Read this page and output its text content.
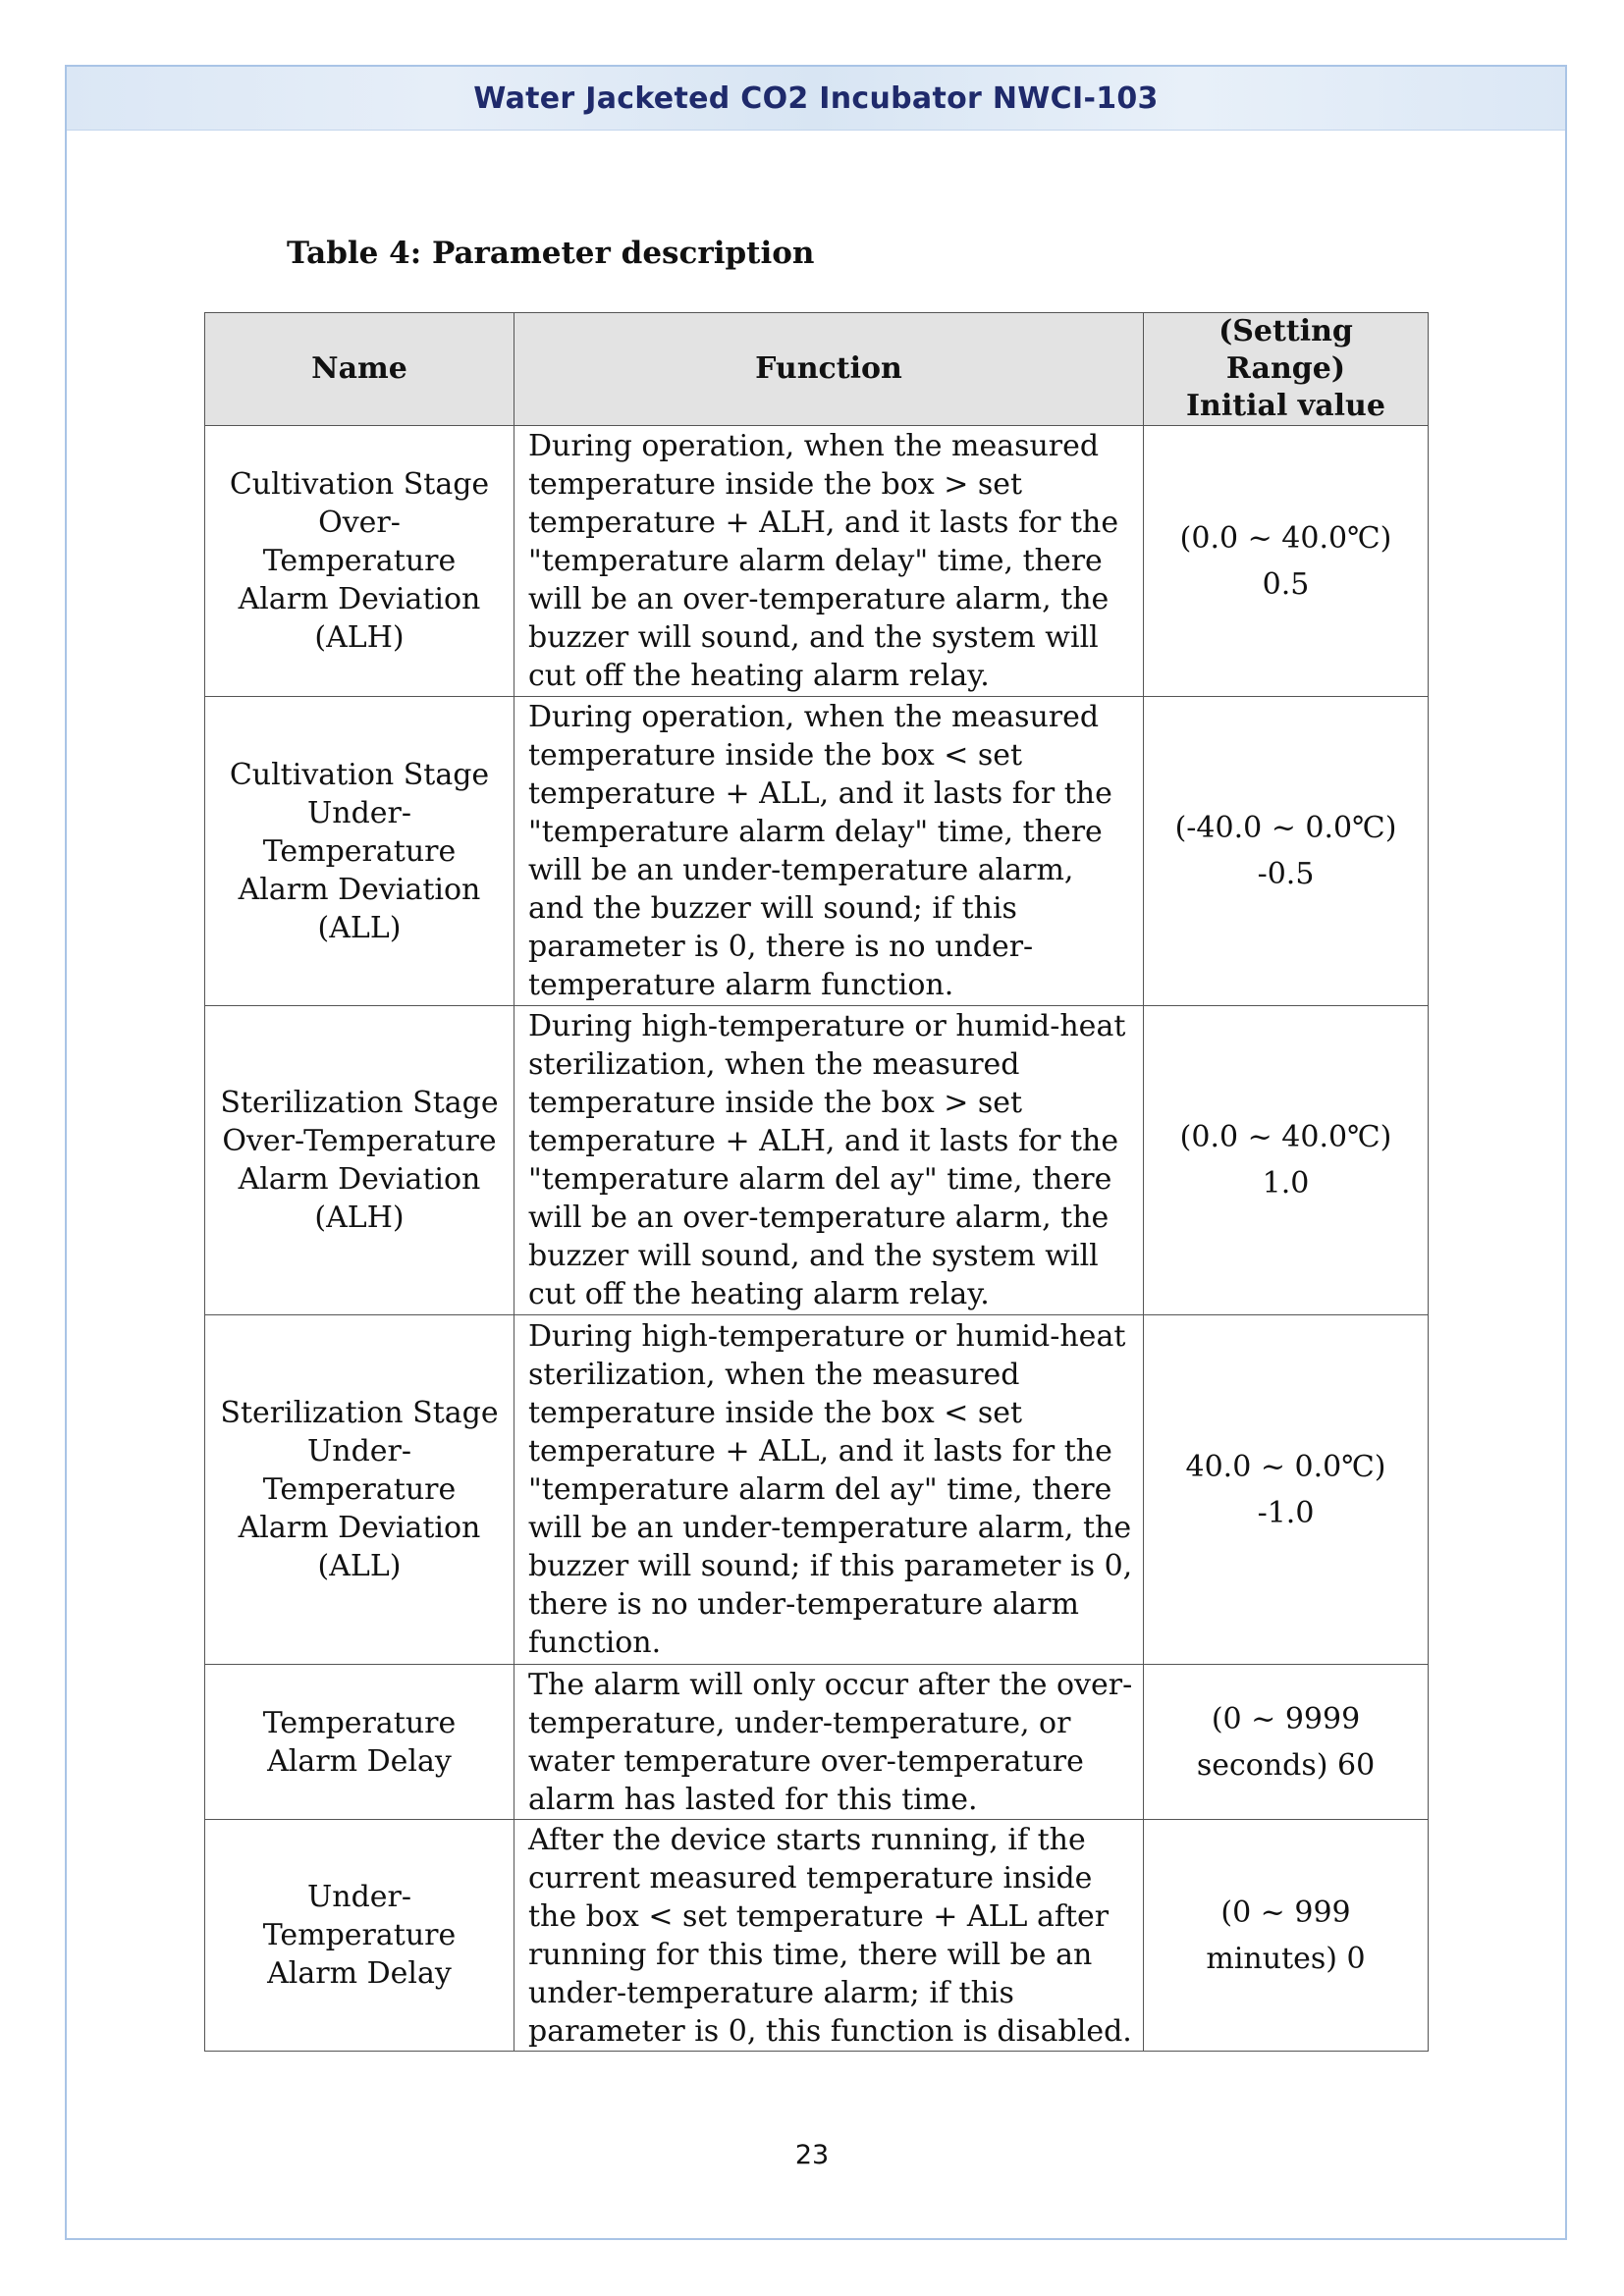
Water Jacketed CO2 Incubator NWCI-103
Table 4: Parameter description
Name	Function	(Setting Range) Initial value
Cultivation Stage Over-Temperature Alarm Deviation (ALH)	During operation, when the measured temperature inside the box > set temperature + ALH, and it lasts for the "temperature alarm delay" time, there will be an over-temperature alarm, the buzzer will sound, and the system will cut off the heating alarm relay.	(0.0 ~ 40.0℃) 0.5
Cultivation Stage Under-Temperature Alarm Deviation (ALL)	During operation, when the measured temperature inside the box < set temperature + ALL, and it lasts for the "temperature alarm delay" time, there will be an under-temperature alarm, and the buzzer will sound; if this parameter is 0, there is no under-temperature alarm function.	(-40.0 ~ 0.0℃) -0.5
Sterilization Stage Over-Temperature Alarm Deviation (ALH)	During high-temperature or humid-heat sterilization, when the measured temperature inside the box > set temperature + ALH, and it lasts for the "temperature alarm del ay" time, there will be an over-temperature alarm, the buzzer will sound, and the system will cut off the heating alarm relay.	(0.0 ~ 40.0℃) 1.0
Sterilization Stage Under-Temperature Alarm Deviation (ALL)	During high-temperature or humid-heat sterilization, when the measured temperature inside the box < set temperature + ALL, and it lasts for the "temperature alarm del ay" time, there will be an under-temperature alarm, the buzzer will sound; if this parameter is 0, there is no under-temperature alarm function.	40.0 ~ 0.0℃) -1.0
Temperature Alarm Delay	The alarm will only occur after the over-temperature, under-temperature, or water temperature over-temperature alarm has lasted for this time.	(0 ~ 9999 seconds) 60
Under-Temperature Alarm Delay	After the device starts running, if the current measured temperature inside the box < set temperature + ALL after running for this time, there will be an under-temperature alarm; if this parameter is 0, this function is disabled.	(0 ~ 999 minutes) 0
23
